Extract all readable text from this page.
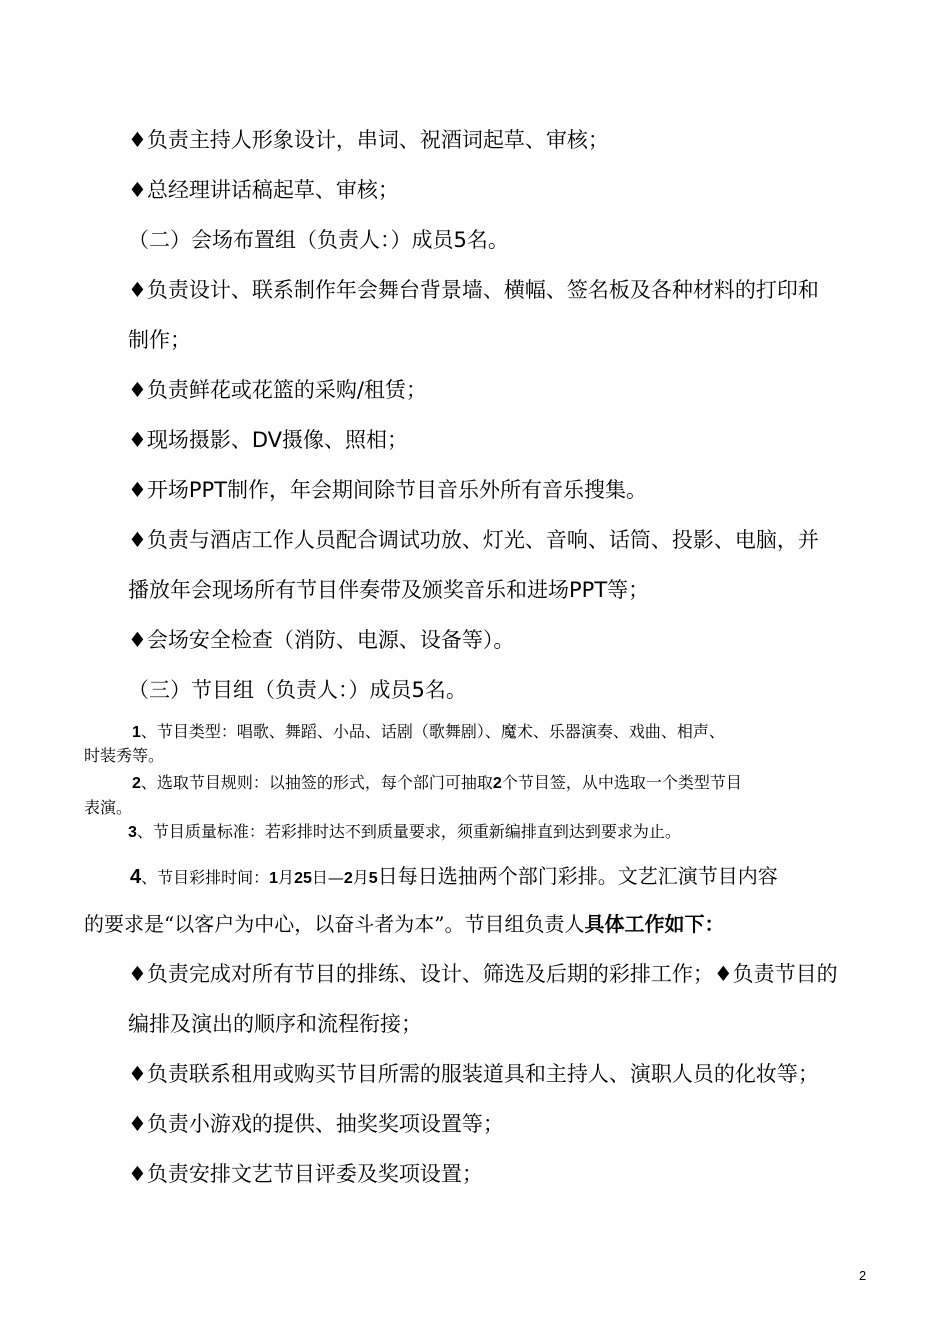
♦负责主持人形象设计，串词、祝酒词起草、审核；
♦总经理讲话稿起草、审核；
（二）会场布置组（负责人：）成员5名。
♦负责设计、联系制作年会舞台背景墙、横幅、签名板及各种材料的打印和
制作；
♦负责鲜花或花篮的采购/租赁；
♦现场摄影、DV摄像、照相；
♦开场PPT制作，年会期间除节目音乐外所有音乐搜集。
♦负责与酒店工作人员配合调试功放、灯光、音响、话筒、投影、电脑，并
播放年会现场所有节目伴奏带及颁奖音乐和进场PPT等；
♦会场安全检查（消防、电源、设备等）。
（三）节目组（负责人：）成员5名。
1、节目类型：唱歌、舞蹈、小品、话剧（歌舞剧）、魔术、乐器演奏、戏曲、相声、
时装秀等。
2、选取节目规则：以抽签的形式，每个部门可抽取2个节目签，从中选取一个类型节目
表演。
3、节目质量标准：若彩排时达不到质量要求，须重新编排直到达到要求为止。
4、节目彩排时间：1月25日—2月5日每日选抽两个部门彩排。文艺汇演节目内容
的要求是“以客户为中心，以奋斗者为本”。节目组负责人具体工作如下：
♦负责完成对所有节目的排练、设计、筛选及后期的彩排工作；♦负责节目的
编排及演出的顺序和流程衔接；
♦负责联系租用或购买节目所需的服装道具和主持人、演职人员的化妆等；
♦负责小游戏的提供、抽奖奖项设置等；
♦负责安排文艺节目评委及奖项设置；
2
